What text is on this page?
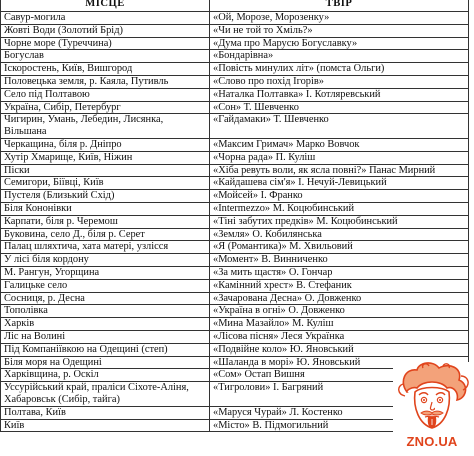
МІСЦЕ	ТВІР
Савур-могила	«Ой, Морозе, Морозенку»
Жовті Води (Золотий Брід)	«Чи не той то Хміль?»
Чорне море (Туреччина)	«Дума про Марусю Богуславку»
Богуслав	«Бондарівна»
Іскоростень, Київ, Вишгород	«Повість минулих літ» (помста Ольги)
Половецька земля, р. Каяла, Путивль	«Слово про похід Ігорів»
Село під Полтавою	«Наталка Полтавка» І. Котляревський
Україна, Сибір, Петербург	«Сон» Т. Шевченко
Чигирин, Умань, Лебедин, Лисянка, Вільшана	«Гайдамаки» Т. Шевченко
Черкащина, біля р. Дніпро	«Максим Гримач» Марко Вовчок
Хутір Хмарище, Київ, Ніжин	«Чорна рада» П. Куліш
Піски	«Хіба ревуть воли, як ясла повні?» Панас Мирний
Семигори, Біївці, Київ	«Кайдашева сім'я» І. Нечуй-Левицький
Пустеля (Близький Схід)	«Мойсей» І. Франко
Біля Кононівки	«Intermezzo» М. Коцюбинський
Карпати, біля р. Черемош	«Тіні забутих предків» М. Коцюбинський
Буковина, село Д., біля р. Серет	«Земля» О. Кобилянська
Палац шляхтича, хата матері, узлісся	«Я (Романтика)» М. Хвильовий
У лісі біля кордону	«Момент» В. Винниченко
М. Рангун, Угорщина	«За мить щастя» О. Гончар
Галицьке село	«Камінний хрест» В. Стефаник
Сосниця, р. Десна	«Зачарована Десна» О. Довженко
Тополівка	«Україна в огні» О. Довженко
Харків	«Мина Мазайло» М. Куліш
Ліс на Волині	«Лісова пісня» Леся Українка
Під Компаніївкою на Одещині (степ)	«Подвійне коло» Ю. Яновський
Біля моря на Одещині	«Шаланда в морі» Ю. Яновський
Харківщина, р. Оскіл	«Сом» Остап Вишня
Уссурійський край, праліси Сіхоте-Аліня, Хабаровськ (Сибір, тайга)	«Тигролови» І. Багряний
Полтава, Київ	«Маруся Чурай» Л. Костенко
Київ	«Місто» В. Підмогильний
ZNO.UA
